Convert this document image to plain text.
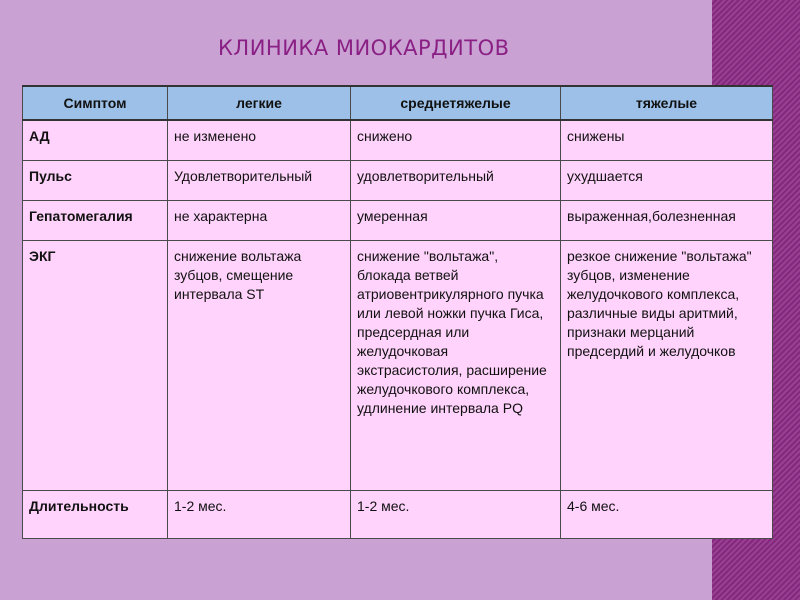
КЛИНИКА МИОКАРДИТОВ
Симптом	легкие	среднетяжелые	тяжелые
АД	не изменено	снижено	снижены
Пульс	Удовлетворительный	удовлетворительный	ухудшается
Гепатомегалия	не характерна	умеренная	выраженная,болезненная
ЭКГ	снижение вольтажа зубцов, смещение интервала ST	снижение "вольтажа", блокада ветвей атриовентрикулярного пучка или левой ножки пучка Гиса, предсердная или желудочковая экстрасистолия, расширение желудочкового комплекса, удлинение интервала PQ	резкое снижение "вольтажа" зубцов, изменение желудочкового комплекса, различные виды аритмий, признаки мерцаний предсердий и желудочков
Длительность	1-2 мес.	1-2 мес.	4-6 мес.
